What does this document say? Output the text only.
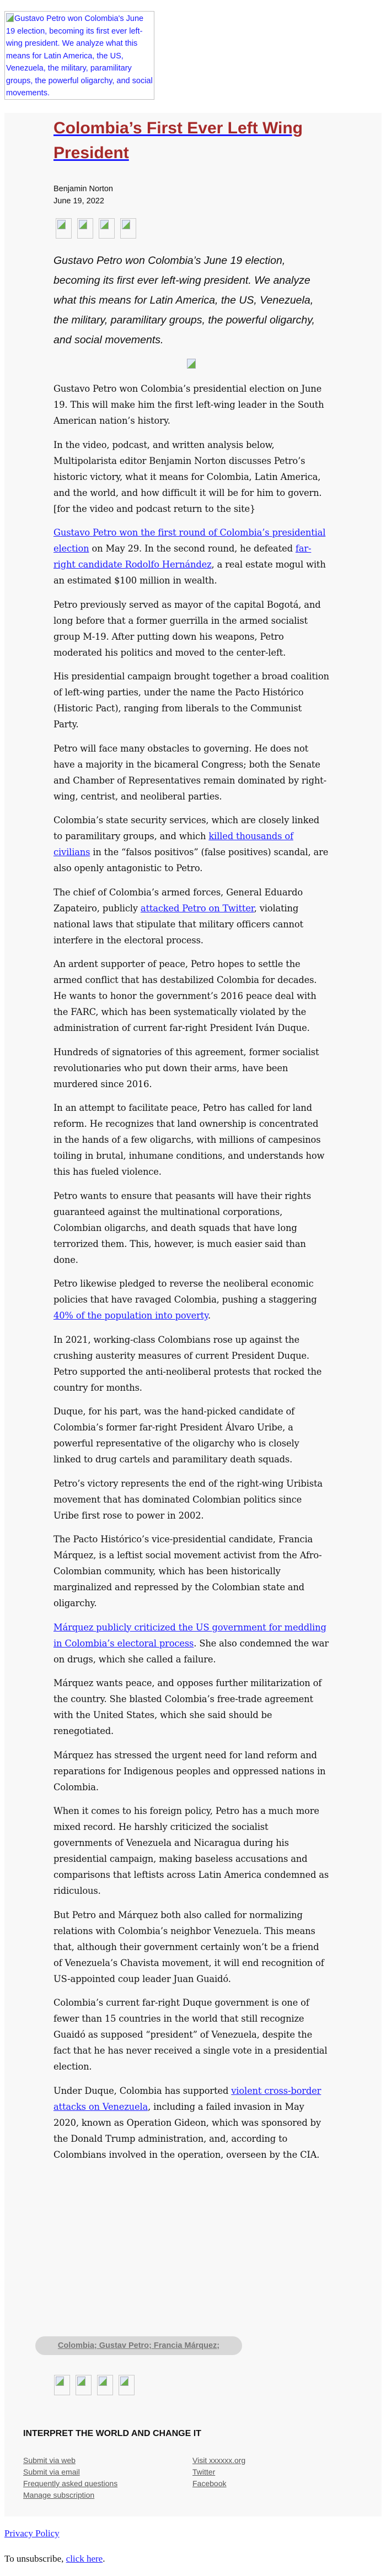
Gustavo Petro won Colombia's June 19 election, becoming its first ever left-wing president. We analyze what this means for Latin America, the US, Venezuela, the military, paramilitary groups, the powerful oligarchy, and social movements.
Colombia’s First Ever Left Wing President
Benjamin Norton
June 19, 2022
Gustavo Petro won Colombia’s June 19 election, becoming its first ever left-wing president. We analyze what this means for Latin America, the US, Venezuela, the military, paramilitary groups, the powerful oligarchy, and social movements.

Gustavo Petro won Colombia’s presidential election on June 19. This will make him the first left-wing leader in the South American nation’s history.

In the video, podcast, and written analysis below, Multipolarista editor Benjamin Norton discusses Petro’s historic victory, what it means for Colombia, Latin America, and the world, and how difficult it will be for him to govern. [for the video and podcast return to the site}

Gustavo Petro won the first round of Colombia’s presidential election on May 29. In the second round, he defeated far-right candidate Rodolfo Hernández, a real estate mogul with an estimated $100 million in wealth.

Petro previously served as mayor of the capital Bogotá, and long before that a former guerrilla in the armed socialist group M-19. After putting down his weapons, Petro moderated his politics and moved to the center-left.

His presidential campaign brought together a broad coalition of left-wing parties, under the name the Pacto Histórico (Historic Pact), ranging from liberals to the Communist Party.

Petro will face many obstacles to governing. He does not have a majority in the bicameral Congress; both the Senate and Chamber of Representatives remain dominated by right-wing, centrist, and neoliberal parties.

Colombia’s state security services, which are closely linked to paramilitary groups, and which killed thousands of civilians in the “falsos positivos” (false positives) scandal, are also openly antagonistic to Petro.

The chief of Colombia’s armed forces, General Eduardo Zapateiro, publicly attacked Petro on Twitter, violating national laws that stipulate that military officers cannot interfere in the electoral process.

An ardent supporter of peace, Petro hopes to settle the armed conflict that has destabilized Colombia for decades. He wants to honor the government’s 2016 peace deal with the FARC, which has been systematically violated by the administration of current far-right President Iván Duque.

Hundreds of signatories of this agreement, former socialist revolutionaries who put down their arms, have been murdered since 2016.

In an attempt to facilitate peace, Petro has called for land reform. He recognizes that land ownership is concentrated in the hands of a few oligarchs, with millions of campesinos toiling in brutal, inhumane conditions, and understands how this has fueled violence.

Petro wants to ensure that peasants will have their rights guaranteed against the multinational corporations, Colombian oligarchs, and death squads that have long terrorized them. This, however, is much easier said than done.

Petro likewise pledged to reverse the neoliberal economic policies that have ravaged Colombia, pushing a staggering 40% of the population into poverty.

In 2021, working-class Colombians rose up against the crushing austerity measures of current President Duque. Petro supported the anti-neoliberal protests that rocked the country for months.

Duque, for his part, was the hand-picked candidate of Colombia’s former far-right President Álvaro Uribe, a powerful representative of the oligarchy who is closely linked to drug cartels and paramilitary death squads.

Petro’s victory represents the end of the right-wing Uribista movement that has dominated Colombian politics since Uribe first rose to power in 2002.

The Pacto Histórico’s vice-presidential candidate, Francia Márquez, is a leftist social movement activist from the Afro-Colombian community, which has been historically marginalized and repressed by the Colombian state and oligarchy.

Márquez publicly criticized the US government for meddling in Colombia’s electoral process. She also condemned the war on drugs, which she called a failure.

Márquez wants peace, and opposes further militarization of the country. She blasted Colombia’s free-trade agreement with the United States, which she said should be renegotiated.

Márquez has stressed the urgent need for land reform and reparations for Indigenous peoples and oppressed nations in Colombia.

When it comes to his foreign policy, Petro has a much more mixed record. He harshly criticized the socialist governments of Venezuela and Nicaragua during his presidential campaign, making baseless accusations and comparisons that leftists across Latin America condemned as ridiculous.

But Petro and Márquez both also called for normalizing relations with Colombia’s neighbor Venezuela. This means that, although their government certainly won’t be a friend of Venezuela’s Chavista movement, it will end recognition of US-appointed coup leader Juan Guaidó.

Colombia’s current far-right Duque government is one of fewer than 15 countries in the world that still recognize Guaidó as supposed “president” of Venezuela, despite the fact that he has never received a single vote in a presidential election.

Under Duque, Colombia has supported violent cross-border attacks on Venezuela, including a failed invasion in May 2020, known as Operation Gideon, which was sponsored by the Donald Trump administration, and, according to Colombians involved in the operation, overseen by the CIA.

Colombia; Gustav Petro; Francia Márquez;
INTERPRET THE WORLD AND CHANGE IT
Submit via web
Submit via email
Frequently asked questions
Manage subscription
Visit xxxxxx.org
Twitter
Facebook
Privacy Policy
To unsubscribe, click here.
